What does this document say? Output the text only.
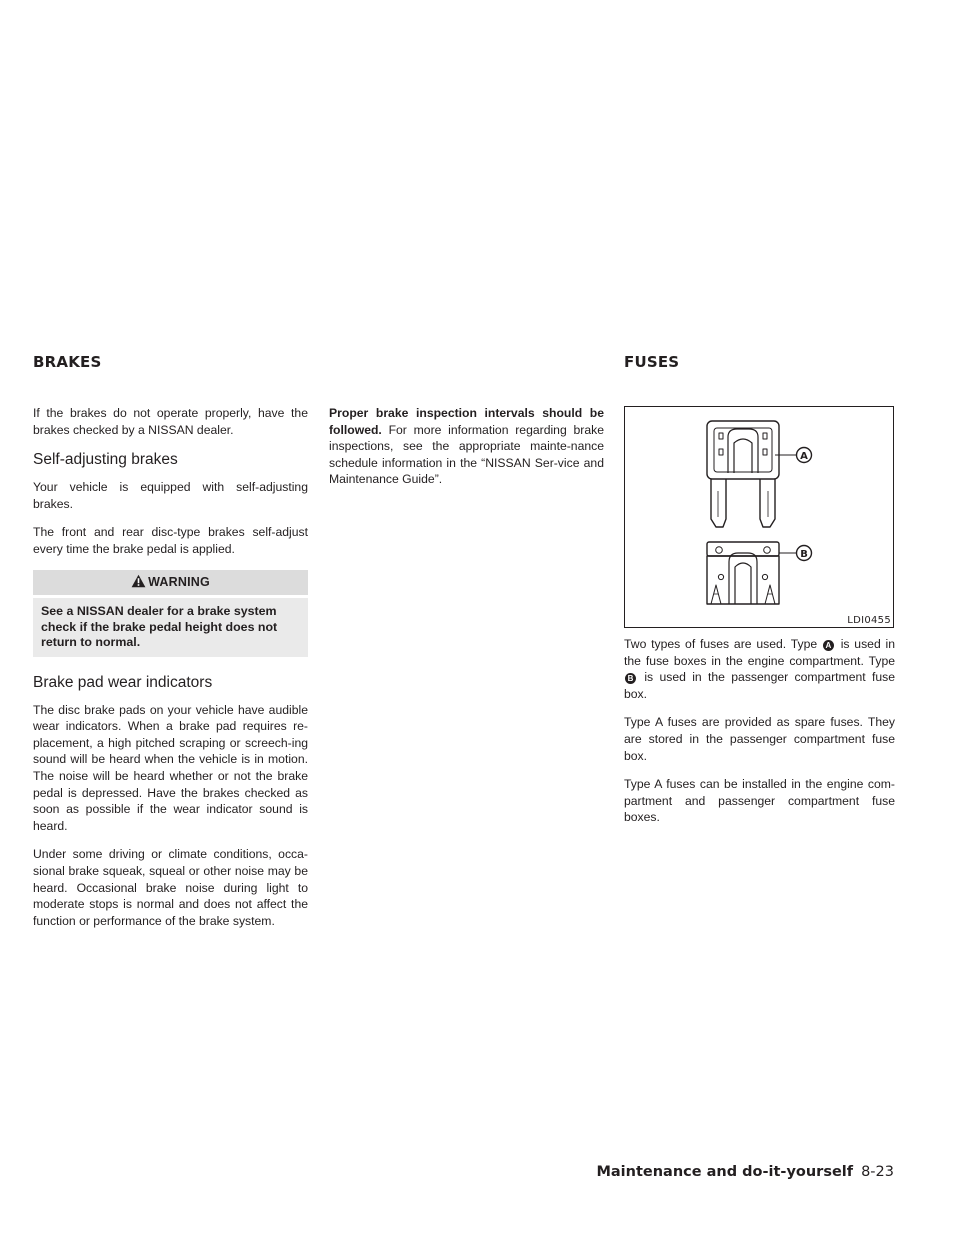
BRAKES	FUSES

If the brakes do not operate properly, have the brakes checked by a NISSAN dealer.

Self-adjusting brakes

Your vehicle is equipped with self-adjusting brakes.

The front and rear disc-type brakes self-adjust every time the brake pedal is applied.

WARNING
See a NISSAN dealer for a brake system check if the brake pedal height does not return to normal.
Brake pad wear indicators

The disc brake pads on your vehicle have audible wear indicators. When a brake pad requires re-placement, a high pitched scraping or screech-ing sound will be heard when the vehicle is in motion. The noise will be heard whether or not the brake pedal is depressed. Have the brakes checked as soon as possible if the wear indicator sound is heard.

Under some driving or climate conditions, occa-sional brake squeak, squeal or other noise may be heard. Occasional brake noise during light to moderate stops is normal and does not affect the function or performance of the brake system.

Proper brake inspection intervals should be followed. For more information regarding brake inspections, see the appropriate mainte-nance schedule information in the “NISSAN Ser-vice and Maintenance Guide”.

A
B
LDI0455

Two types of fuses are used. Type A is used in the fuse boxes in the engine compartment. Type B is used in the passenger compartment fuse box.

Type A fuses are provided as spare fuses. They are stored in the passenger compartment fuse box.

Type A fuses can be installed in the engine com-partment and passenger compartment fuse boxes.

Maintenance and do-it-yourself 8-23
